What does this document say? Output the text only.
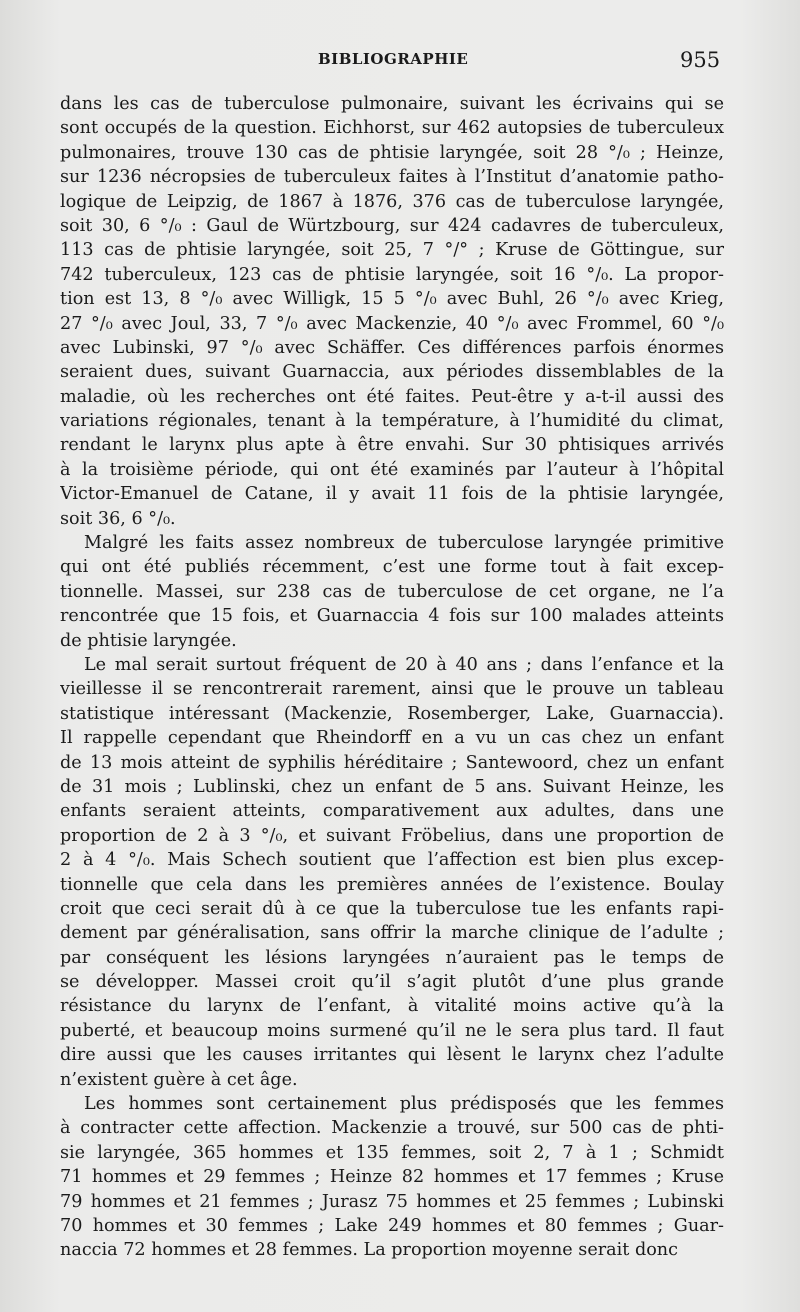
BIBLIOGRAPHIE	955
dans les cas de tuberculose pulmonaire, suivant les écrivains qui se
sont occupés de la question. Eichhorst, sur 462 autopsies de tuberculeux
pulmonaires, trouve 130 cas de phtisie laryngée, soit 28 °/₀ ; Heinze,
sur 1236 nécropsies de tuberculeux faites à l’Institut d’anatomie patho-
logique de Leipzig, de 1867 à 1876, 376 cas de tuberculose laryngée,
soit 30, 6 °/₀ : Gaul de Würtzbourg, sur 424 cadavres de tuberculeux,
113 cas de phtisie laryngée, soit 25, 7 °/° ; Kruse de Göttingue, sur
742 tuberculeux, 123 cas de phtisie laryngée, soit 16 °/₀. La propor-
tion est 13, 8 °/₀ avec Willigk, 15 5 °/₀ avec Buhl, 26 °/₀ avec Krieg,
27 °/₀ avec Joul, 33, 7 °/₀ avec Mackenzie, 40 °/₀ avec Frommel, 60 °/₀
avec Lubinski, 97 °/₀ avec Schäffer. Ces différences parfois énormes
seraient dues, suivant Guarnaccia, aux périodes dissemblables de la
maladie, où les recherches ont été faites. Peut-être y a-t-il aussi des
variations régionales, tenant à la température, à l’humidité du climat,
rendant le larynx plus apte à être envahi. Sur 30 phtisiques arrivés
à la troisième période, qui ont été examinés par l’auteur à l’hôpital
Victor-Emanuel de Catane, il y avait 11 fois de la phtisie laryngée,
soit 36, 6 °/₀.
Malgré les faits assez nombreux de tuberculose laryngée primitive
qui ont été publiés récemment, c’est une forme tout à fait excep-
tionnelle. Massei, sur 238 cas de tuberculose de cet organe, ne l’a
rencontrée que 15 fois, et Guarnaccia 4 fois sur 100 malades atteints
de phtisie laryngée.
Le mal serait surtout fréquent de 20 à 40 ans ; dans l’enfance et la
vieillesse il se rencontrerait rarement, ainsi que le prouve un tableau
statistique intéressant (Mackenzie, Rosemberger, Lake, Guarnaccia).
Il rappelle cependant que Rheindorff en a vu un cas chez un enfant
de 13 mois atteint de syphilis héréditaire ; Santewoord, chez un enfant
de 31 mois ; Lublinski, chez un enfant de 5 ans. Suivant Heinze, les
enfants seraient atteints, comparativement aux adultes, dans une
proportion de 2 à 3 °/₀, et suivant Fröbelius, dans une proportion de
2 à 4 °/₀. Mais Schech soutient que l’affection est bien plus excep-
tionnelle que cela dans les premières années de l’existence. Boulay
croit que ceci serait dû à ce que la tuberculose tue les enfants rapi-
dement par généralisation, sans offrir la marche clinique de l’adulte ;
par conséquent les lésions laryngées n’auraient pas le temps de
se développer. Massei croit qu’il s’agit plutôt d’une plus grande
résistance du larynx de l’enfant, à vitalité moins active qu’à la
puberté, et beaucoup moins surmené qu’il ne le sera plus tard. Il faut
dire aussi que les causes irritantes qui lèsent le larynx chez l’adulte
n’existent guère à cet âge.
Les hommes sont certainement plus prédisposés que les femmes
à contracter cette affection. Mackenzie a trouvé, sur 500 cas de phti-
sie laryngée, 365 hommes et 135 femmes, soit 2, 7 à 1 ; Schmidt
71 hommes et 29 femmes ; Heinze 82 hommes et 17 femmes ; Kruse
79 hommes et 21 femmes ; Jurasz 75 hommes et 25 femmes ; Lubinski
70 hommes et 30 femmes ; Lake 249 hommes et 80 femmes ; Guar-
naccia 72 hommes et 28 femmes. La proportion moyenne serait donc
